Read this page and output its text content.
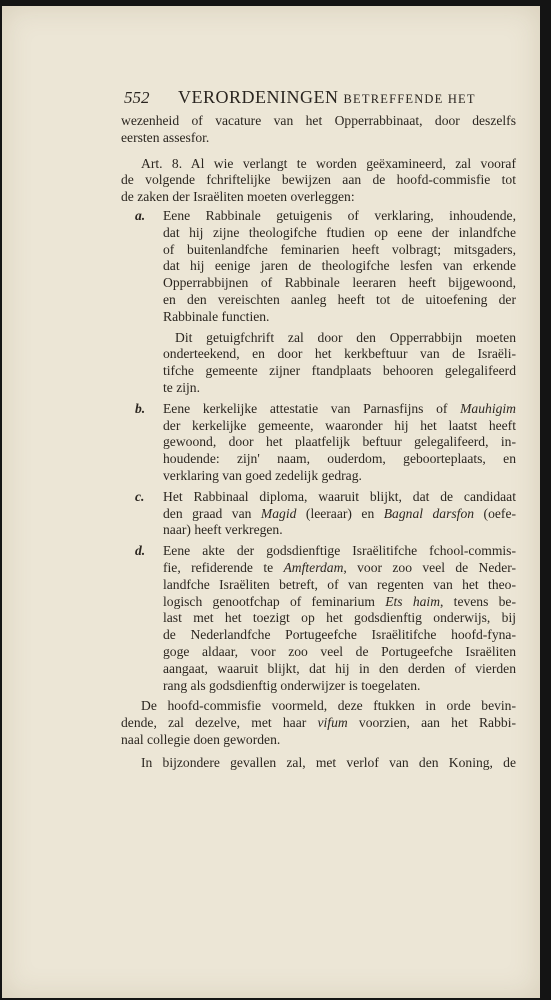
552 VERORDENINGEN BETREFFENDE HET
wezenheid of vacature van het Opperrabbinaat, door deszelfs
eersten assesfor.
Art. 8. Al wie verlangt te worden geëxamineerd, zal vooraf
de volgende fchriftelijke bewijzen aan de hoofd-commisfie tot
de zaken der Israëliten moeten overleggen:
a. Eene Rabbinale getuigenis of verklaring, inhoudende,
dat hij zijne theologifche ftudien op eene der inlandfche
of buitenlandfche feminarien heeft volbragt; mitsgaders,
dat hij eenige jaren de theologifche lesfen van erkende
Opperrabbijnen of Rabbinale leeraren heeft bijgewoond,
en den vereischten aanleg heeft tot de uitoefening der
Rabbinale functien.
Dit getuigfchrift zal door den Opperrabbijn moeten
onderteekend, en door het kerkbeftuur van de Israëli-
tifche gemeente zijner ftandplaats behooren gelegalifeerd
te zijn.
b. Eene kerkelijke attestatie van Parnasfijns of Mauhigim
der kerkelijke gemeente, waaronder hij het laatst heeft
gewoond, door het plaatfelijk beftuur gelegalifeerd, in-
houdende: zijn' naam, ouderdom, geboorteplaats, en
verklaring van goed zedelijk gedrag.
c. Het Rabbinaal diploma, waaruit blijkt, dat de candidaat
den graad van Magid (leeraar) en Bagnal darsfon (oefe-
naar) heeft verkregen.
d. Eene akte der godsdienftige Israëlitifche fchool-commis-
fie, refiderende te Amfterdam, voor zoo veel de Neder-
landfche Israëliten betreft, of van regenten van het theo-
logisch genootfchap of feminarium Ets haim, tevens be-
last met het toezigt op het godsdienftig onderwijs, bij
de Nederlandfche Portugeefche Israëlitifche hoofd-fyna-
goge aldaar, voor zoo veel de Portugeefche Israëliten
aangaat, waaruit blijkt, dat hij in den derden of vierden
rang als godsdienftig onderwijzer is toegelaten.
De hoofd-commisfie voormeld, deze ftukken in orde bevin-
dende, zal dezelve, met haar vifum voorzien, aan het Rabbi-
naal collegie doen geworden.
In bijzondere gevallen zal, met verlof van den Koning, de
